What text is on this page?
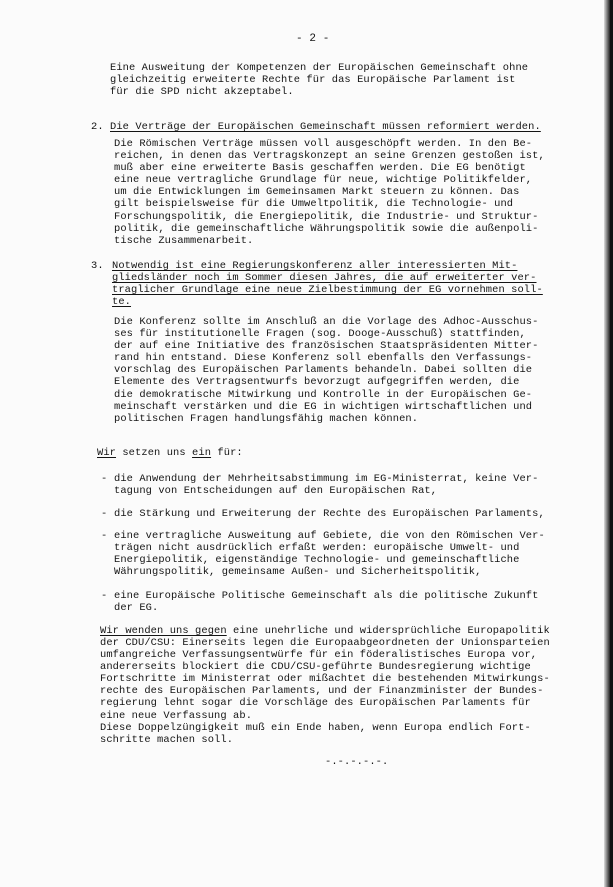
- 2 -
Eine Ausweitung der Kompetenzen der Europäischen Gemeinschaft ohne
gleichzeitig erweiterte Rechte für das Europäische Parlament ist
für die SPD nicht akzeptabel.
2. Die Verträge der Europäischen Gemeinschaft müssen reformiert werden.
Die Römischen Verträge müssen voll ausgeschöpft werden. In den Be-
reichen, in denen das Vertragskonzept an seine Grenzen gestoßen ist,
muß aber eine erweiterte Basis geschaffen werden. Die EG benötigt
eine neue vertragliche Grundlage für neue, wichtige Politikfelder,
um die Entwicklungen im Gemeinsamen Markt steuern zu können. Das
gilt beispielsweise für die Umweltpolitik, die Technologie- und
Forschungspolitik, die Energiepolitik, die Industrie- und Struktur-
politik, die gemeinschaftliche Währungspolitik sowie die außenpoli-
tische Zusammenarbeit.
3. Notwendig ist eine Regierungskonferenz aller interessierten Mit-
gliedsländer noch im Sommer diesen Jahres, die auf erweiterter ver-
traglicher Grundlage eine neue Zielbestimmung der EG vornehmen soll-
te.
Die Konferenz sollte im Anschluß an die Vorlage des Adhoc-Ausschus-
ses für institutionelle Fragen (sog. Dooge-Ausschuß) stattfinden,
der auf eine Initiative des französischen Staatspräsidenten Mitter-
rand hin entstand. Diese Konferenz soll ebenfalls den Verfassungs-
vorschlag des Europäischen Parlaments behandeln. Dabei sollten die
Elemente des Vertragsentwurfs bevorzugt aufgegriffen werden, die
die demokratische Mitwirkung und Kontrolle in der Europäischen Ge-
meinschaft verstärken und die EG in wichtigen wirtschaftlichen und
politischen Fragen handlungsfähig machen können.
Wir setzen uns ein für:
- die Anwendung der Mehrheitsabstimmung im EG-Ministerrat, keine Ver-
tagung von Entscheidungen auf den Europäischen Rat,
- die Stärkung und Erweiterung der Rechte des Europäischen Parlaments,
- eine vertragliche Ausweitung auf Gebiete, die von den Römischen Ver-
trägen nicht ausdrücklich erfaßt werden: europäische Umwelt- und
Energiepolitik, eigenständige Technologie- und gemeinschaftliche
Währungspolitik, gemeinsame Außen- und Sicherheitspolitik,
- eine Europäische Politische Gemeinschaft als die politische Zukunft
der EG.
Wir wenden uns gegen eine unehrliche und widersprüchliche Europapolitik
der CDU/CSU: Einerseits legen die Europaabgeordneten der Unionsparteien
umfangreiche Verfassungsentwürfe für ein föderalistisches Europa vor,
andererseits blockiert die CDU/CSU-geführte Bundesregierung wichtige
Fortschritte im Ministerrat oder mißachtet die bestehenden Mitwirkungs-
rechte des Europäischen Parlaments, und der Finanzminister der Bundes-
regierung lehnt sogar die Vorschläge des Europäischen Parlaments für
eine neue Verfassung ab.
Diese Doppelzüngigkeit muß ein Ende haben, wenn Europa endlich Fort-
schritte machen soll.
-.-.-.-.-.
